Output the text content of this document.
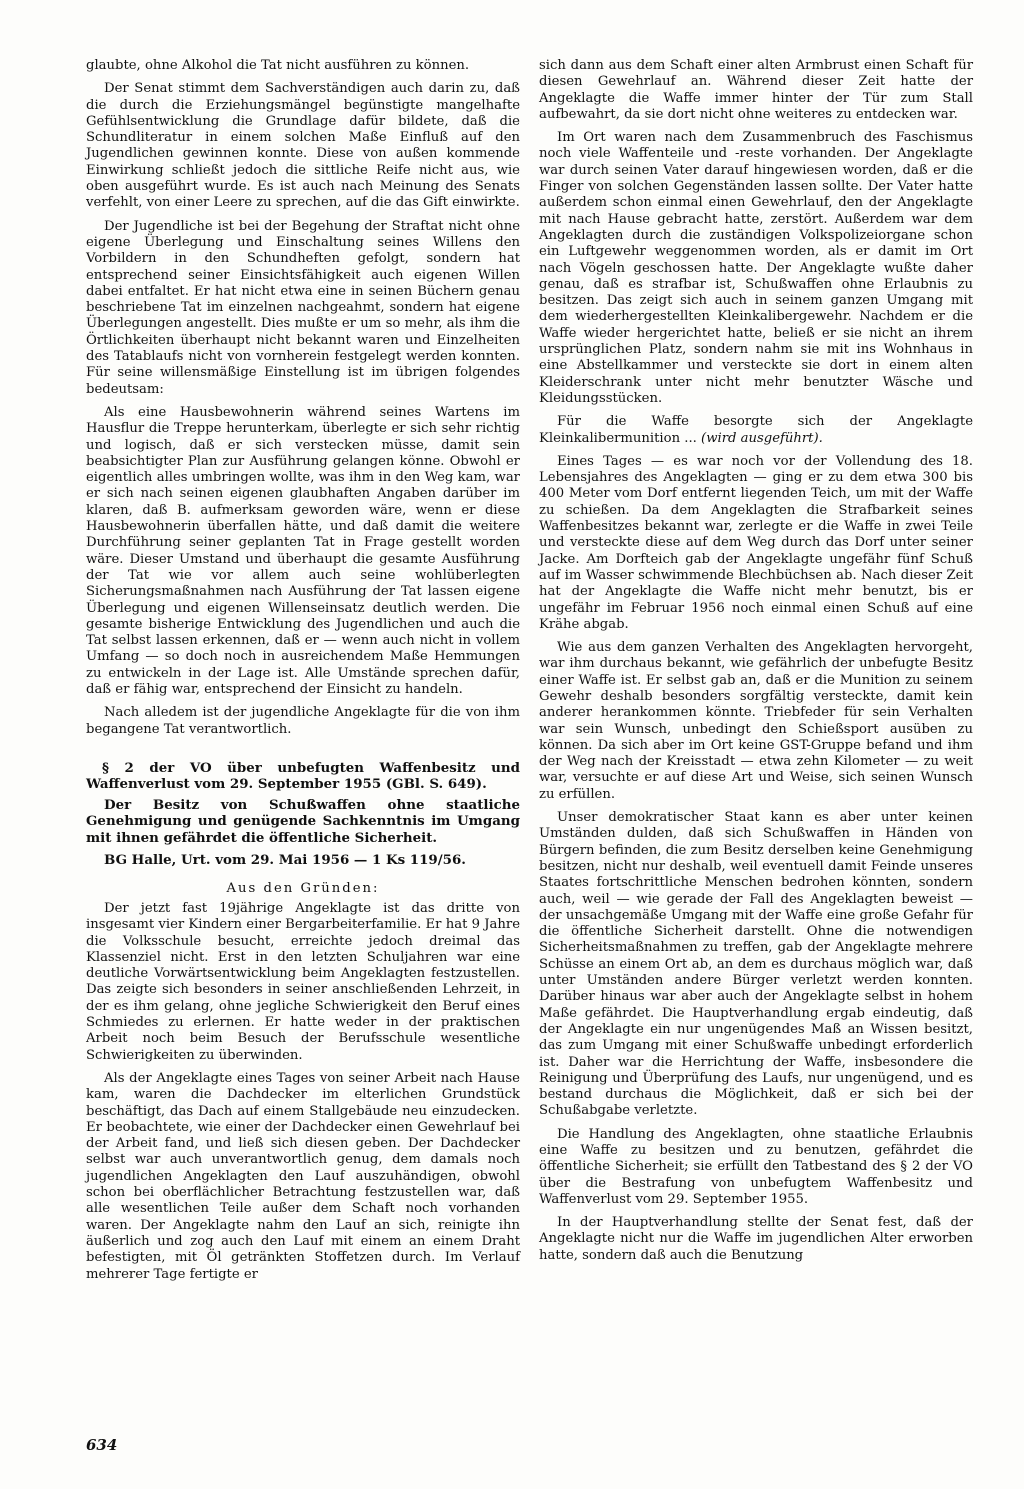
glaubte, ohne Alkohol die Tat nicht ausführen zu können.

Der Senat stimmt dem Sachverständigen auch darin zu, daß die durch die Erziehungsmängel begünstigte mangelhafte Gefühlsentwicklung die Grundlage dafür bildete, daß die Schundliteratur in einem solchen Maße Einfluß auf den Jugendlichen gewinnen konnte. Diese von außen kommende Einwirkung schließt jedoch die sittliche Reife nicht aus, wie oben ausgeführt wurde. Es ist auch nach Meinung des Senats verfehlt, von einer Leere zu sprechen, auf die das Gift einwirkte.

Der Jugendliche ist bei der Begehung der Straftat nicht ohne eigene Überlegung und Einschaltung seines Willens den Vorbildern in den Schundheften gefolgt, sondern hat entsprechend seiner Einsichtsfähigkeit auch eigenen Willen dabei entfaltet. Er hat nicht etwa eine in seinen Büchern genau beschriebene Tat im einzelnen nachgeahmt, sondern hat eigene Überlegungen angestellt. Dies mußte er um so mehr, als ihm die Örtlichkeiten überhaupt nicht bekannt waren und Einzelheiten des Tatablaufs nicht von vornherein festgelegt werden konnten. Für seine willensmäßige Einstellung ist im übrigen folgendes bedeutsam:

Als eine Hausbewohnerin während seines Wartens im Hausflur die Treppe herunterkam, überlegte er sich sehr richtig und logisch, daß er sich verstecken müsse, damit sein beabsichtigter Plan zur Ausführung gelangen könne. Obwohl er eigentlich alles umbringen wollte, was ihm in den Weg kam, war er sich nach seinen eigenen glaubhaften Angaben darüber im klaren, daß B. aufmerksam geworden wäre, wenn er diese Hausbewohnerin überfallen hätte, und daß damit die weitere Durchführung seiner geplanten Tat in Frage gestellt worden wäre. Dieser Umstand und überhaupt die gesamte Ausführung der Tat wie vor allem auch seine wohlüberlegten Sicherungsmaßnahmen nach Ausführung der Tat lassen eigene Überlegung und eigenen Willenseinsatz deutlich werden. Die gesamte bisherige Entwicklung des Jugendlichen und auch die Tat selbst lassen erkennen, daß er — wenn auch nicht in vollem Umfang — so doch noch in ausreichendem Maße Hemmungen zu entwickeln in der Lage ist. Alle Umstände sprechen dafür, daß er fähig war, entsprechend der Einsicht zu handeln.

Nach alledem ist der jugendliche Angeklagte für die von ihm begangene Tat verantwortlich.

§ 2 der VO über unbefugten Waffenbesitz und Waffenverlust vom 29. September 1955 (GBl. S. 649).

Der Besitz von Schußwaffen ohne staatliche Genehmigung und genügende Sachkenntnis im Umgang mit ihnen gefährdet die öffentliche Sicherheit.

BG Halle, Urt. vom 29. Mai 1956 — 1 Ks 119/56.

Aus den Gründen:

Der jetzt fast 19jährige Angeklagte ist das dritte von insgesamt vier Kindern einer Bergarbeiterfamilie. Er hat 9 Jahre die Volksschule besucht, erreichte jedoch dreimal das Klassenziel nicht. Erst in den letzten Schuljahren war eine deutliche Vorwärtsentwicklung beim Angeklagten festzustellen. Das zeigte sich besonders in seiner anschließenden Lehrzeit, in der es ihm gelang, ohne jegliche Schwierigkeit den Beruf eines Schmiedes zu erlernen. Er hatte weder in der praktischen Arbeit noch beim Besuch der Berufsschule wesentliche Schwierigkeiten zu überwinden.

Als der Angeklagte eines Tages von seiner Arbeit nach Hause kam, waren die Dachdecker im elterlichen Grundstück beschäftigt, das Dach auf einem Stallgebäude neu einzudecken. Er beobachtete, wie einer der Dachdecker einen Gewehrlauf bei der Arbeit fand, und ließ sich diesen geben. Der Dachdecker selbst war auch unverantwortlich genug, dem damals noch jugendlichen Angeklagten den Lauf auszuhändigen, obwohl schon bei oberflächlicher Betrachtung festzustellen war, daß alle wesentlichen Teile außer dem Schaft noch vorhanden waren. Der Angeklagte nahm den Lauf an sich, reinigte ihn äußerlich und zog auch den Lauf mit einem an einem Draht befestigten, mit Öl getränkten Stoffetzen durch. Im Verlauf mehrerer Tage fertigte er

sich dann aus dem Schaft einer alten Armbrust einen Schaft für diesen Gewehrlauf an. Während dieser Zeit hatte der Angeklagte die Waffe immer hinter der Tür zum Stall aufbewahrt, da sie dort nicht ohne weiteres zu entdecken war.

Im Ort waren nach dem Zusammenbruch des Faschismus noch viele Waffenteile und -reste vorhanden. Der Angeklagte war durch seinen Vater darauf hingewiesen worden, daß er die Finger von solchen Gegenständen lassen sollte. Der Vater hatte außerdem schon einmal einen Gewehrlauf, den der Angeklagte mit nach Hause gebracht hatte, zerstört. Außerdem war dem Angeklagten durch die zuständigen Volkspolizeiorgane schon ein Luftgewehr weggenommen worden, als er damit im Ort nach Vögeln geschossen hatte. Der Angeklagte wußte daher genau, daß es strafbar ist, Schußwaffen ohne Erlaubnis zu besitzen. Das zeigt sich auch in seinem ganzen Umgang mit dem wiederhergestellten Kleinkalibergewehr. Nachdem er die Waffe wieder hergerichtet hatte, beließ er sie nicht an ihrem ursprünglichen Platz, sondern nahm sie mit ins Wohnhaus in eine Abstellkammer und versteckte sie dort in einem alten Kleiderschrank unter nicht mehr benutzter Wäsche und Kleidungsstücken.

Für die Waffe besorgte sich der Angeklagte Kleinkalibermunition ... (wird ausgeführt).

Eines Tages — es war noch vor der Vollendung des 18. Lebensjahres des Angeklagten — ging er zu dem etwa 300 bis 400 Meter vom Dorf entfernt liegenden Teich, um mit der Waffe zu schießen. Da dem Angeklagten die Strafbarkeit seines Waffenbesitzes bekannt war, zerlegte er die Waffe in zwei Teile und versteckte diese auf dem Weg durch das Dorf unter seiner Jacke. Am Dorfteich gab der Angeklagte ungefähr fünf Schuß auf im Wasser schwimmende Blechbüchsen ab. Nach dieser Zeit hat der Angeklagte die Waffe nicht mehr benutzt, bis er ungefähr im Februar 1956 noch einmal einen Schuß auf eine Krähe abgab.

Wie aus dem ganzen Verhalten des Angeklagten hervorgeht, war ihm durchaus bekannt, wie gefährlich der unbefugte Besitz einer Waffe ist. Er selbst gab an, daß er die Munition zu seinem Gewehr deshalb besonders sorgfältig versteckte, damit kein anderer herankommen könnte. Triebfeder für sein Verhalten war sein Wunsch, unbedingt den Schießsport ausüben zu können. Da sich aber im Ort keine GST-Gruppe befand und ihm der Weg nach der Kreisstadt — etwa zehn Kilometer — zu weit war, versuchte er auf diese Art und Weise, sich seinen Wunsch zu erfüllen.

Unser demokratischer Staat kann es aber unter keinen Umständen dulden, daß sich Schußwaffen in Händen von Bürgern befinden, die zum Besitz derselben keine Genehmigung besitzen, nicht nur deshalb, weil eventuell damit Feinde unseres Staates fortschrittliche Menschen bedrohen könnten, sondern auch, weil — wie gerade der Fall des Angeklagten beweist — der unsachgemäße Umgang mit der Waffe eine große Gefahr für die öffentliche Sicherheit darstellt. Ohne die notwendigen Sicherheitsmaßnahmen zu treffen, gab der Angeklagte mehrere Schüsse an einem Ort ab, an dem es durchaus möglich war, daß unter Umständen andere Bürger verletzt werden konnten. Darüber hinaus war aber auch der Angeklagte selbst in hohem Maße gefährdet. Die Hauptverhandlung ergab eindeutig, daß der Angeklagte ein nur ungenügendes Maß an Wissen besitzt, das zum Umgang mit einer Schußwaffe unbedingt erforderlich ist. Daher war die Herrichtung der Waffe, insbesondere die Reinigung und Überprüfung des Laufs, nur ungenügend, und es bestand durchaus die Möglichkeit, daß er sich bei der Schußabgabe verletzte.

Die Handlung des Angeklagten, ohne staatliche Erlaubnis eine Waffe zu besitzen und zu benutzen, gefährdet die öffentliche Sicherheit; sie erfüllt den Tatbestand des § 2 der VO über die Bestrafung von unbefugtem Waffenbesitz und Waffenverlust vom 29. September 1955.

In der Hauptverhandlung stellte der Senat fest, daß der Angeklagte nicht nur die Waffe im jugendlichen Alter erworben hatte, sondern daß auch die Benutzung

634
